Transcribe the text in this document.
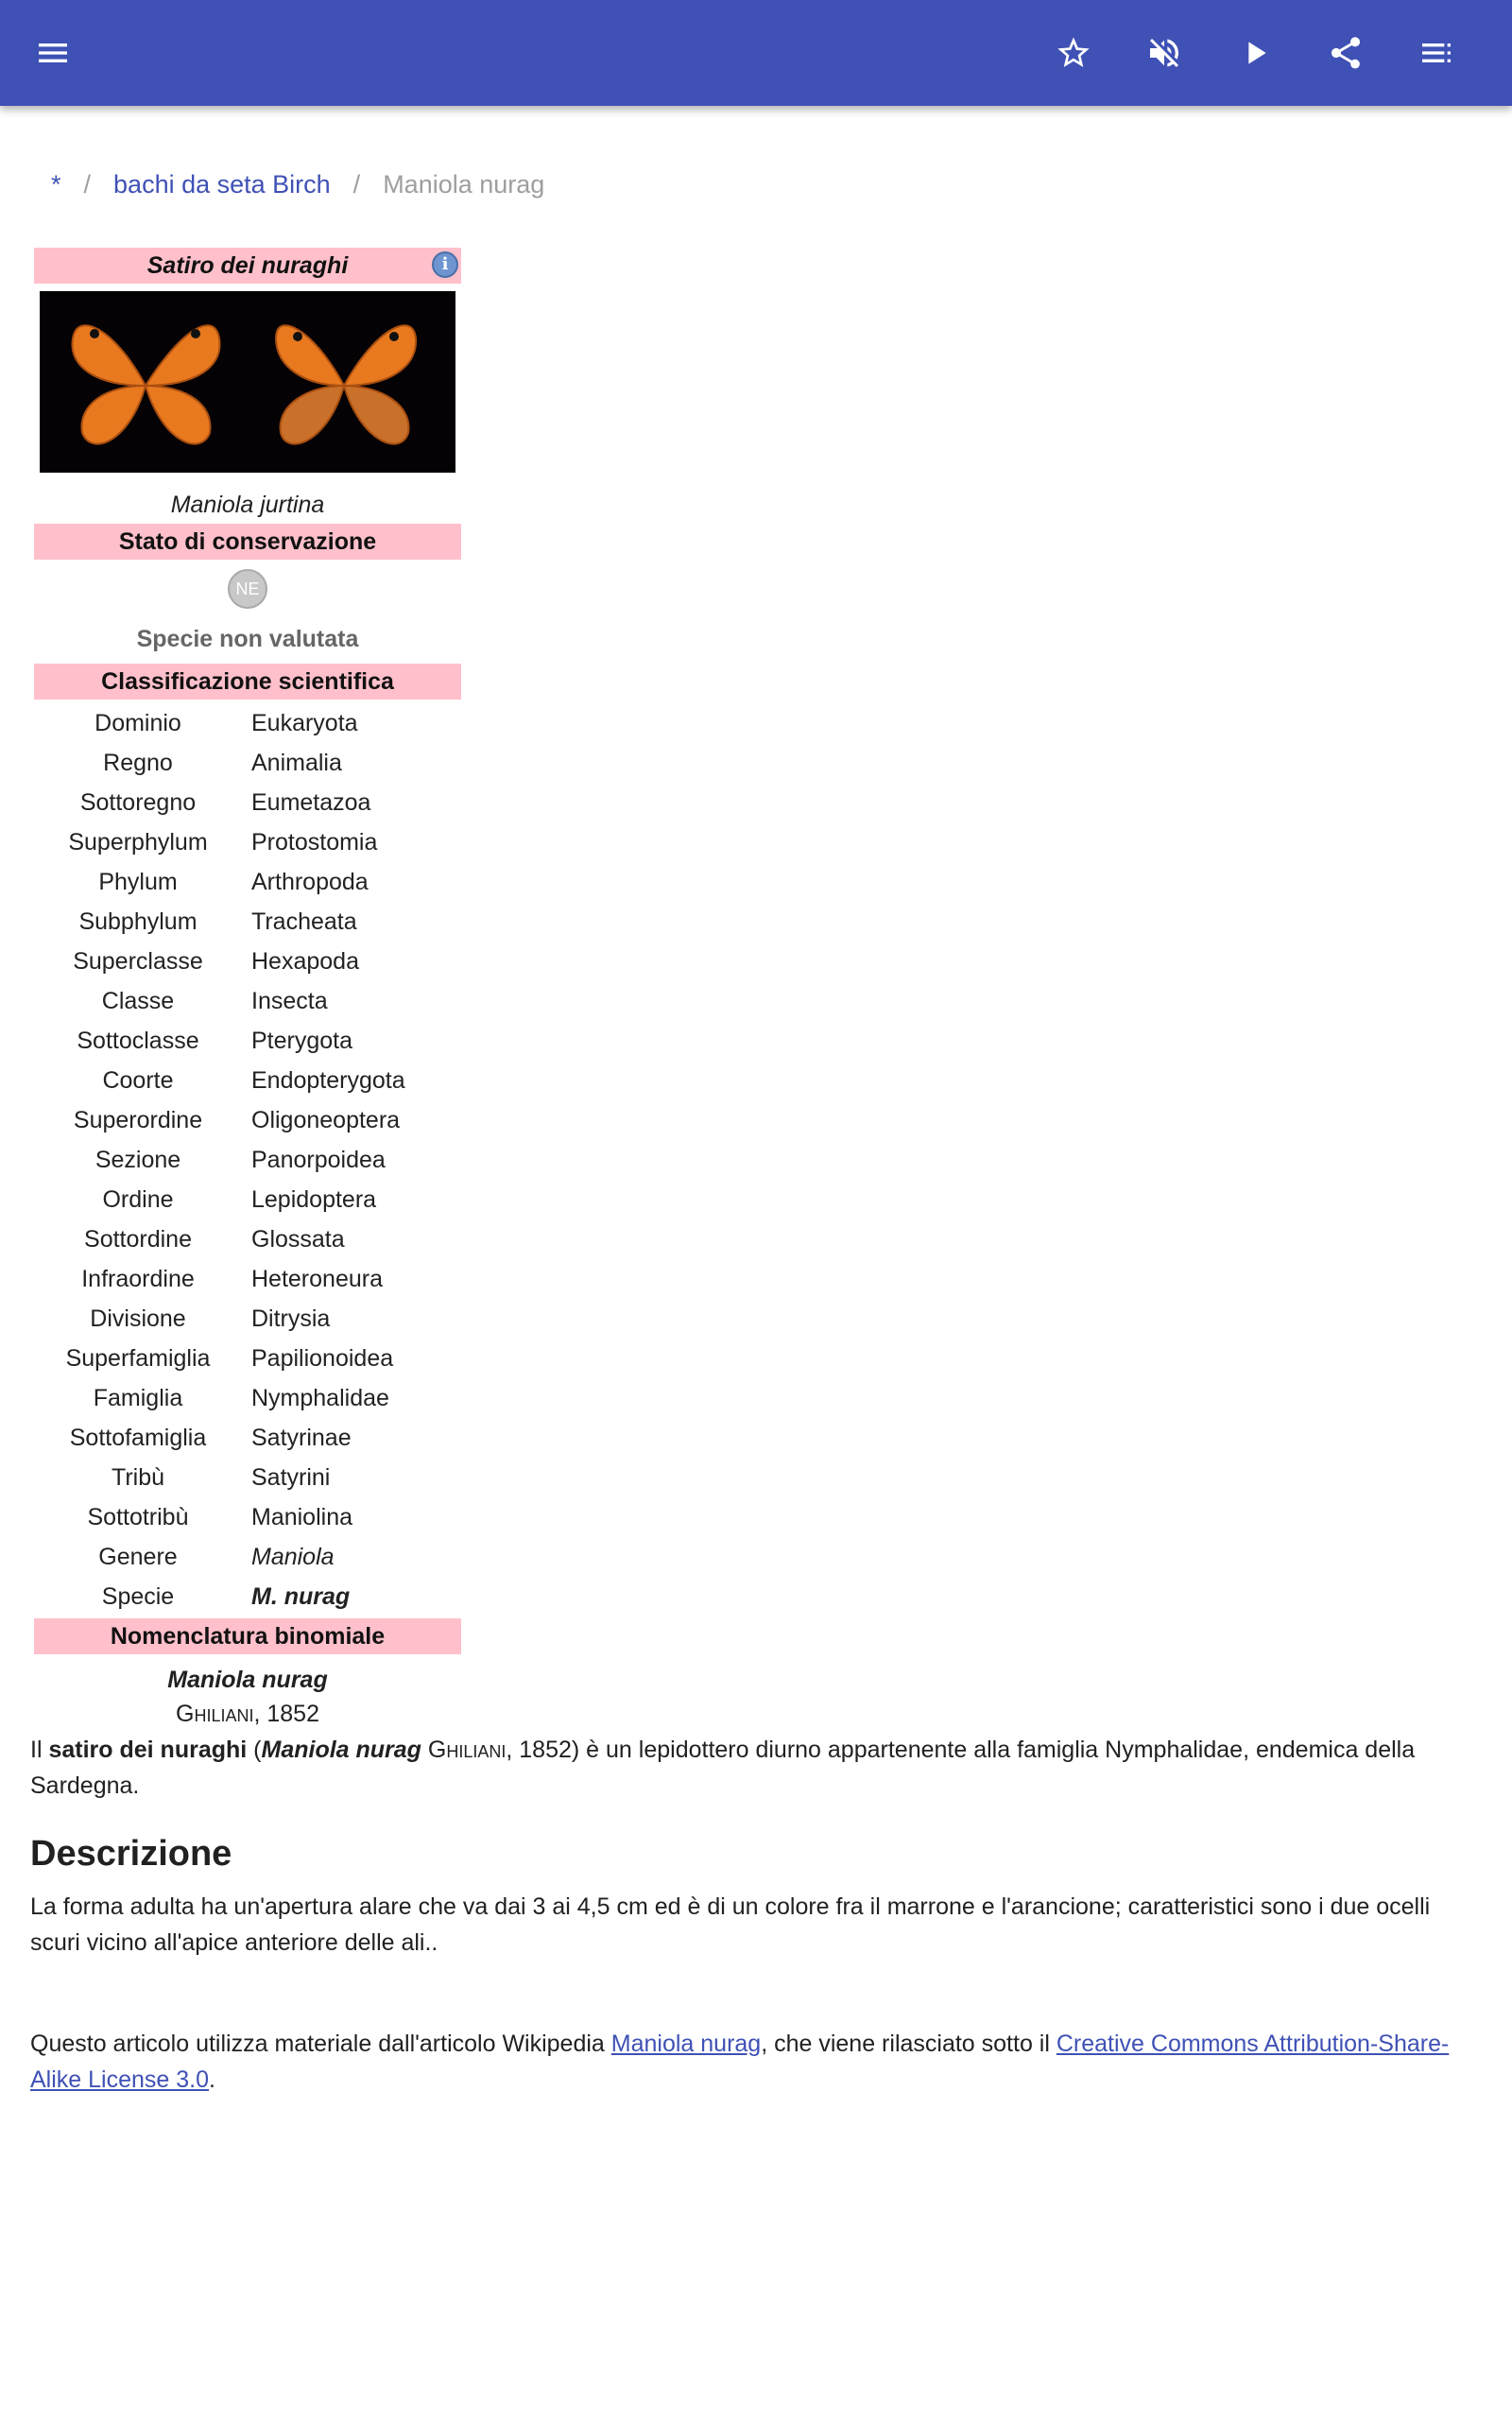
* / bachi da seta Birch / Maniola nurag
Satiro dei nuraghi	i
Maniola jurtina
Stato di conservazione
NE
Specie non valutata
Classificazione scientifica
Dominio	Eukaryota
Regno	Animalia
Sottoregno	Eumetazoa
Superphylum	Protostomia
Phylum	Arthropoda
Subphylum	Tracheata
Superclasse	Hexapoda
Classe	Insecta
Sottoclasse	Pterygota
Coorte	Endopterygota
Superordine	Oligoneoptera
Sezione	Panorpoidea
Ordine	Lepidoptera
Sottordine	Glossata
Infraordine	Heteroneura
Divisione	Ditrysia
Superfamiglia	Papilionoidea
Famiglia	Nymphalidae
Sottofamiglia	Satyrinae
Tribù	Satyrini
Sottotribù	Maniolina
Genere	Maniola
Specie	M. nurag
Nomenclatura binomiale
Maniola nurag
Ghiliani, 1852
Il satiro dei nuraghi (Maniola nurag Ghiliani, 1852) è un lepidottero diurno appartenente alla famiglia Nymphalidae, endemica della Sardegna.
Descrizione
La forma adulta ha un'apertura alare che va dai 3 ai 4,5 cm ed è di un colore fra il marrone e l'arancione; caratteristici sono i due ocelli scuri vicino all'apice anteriore delle ali..
Questo articolo utilizza materiale dall'articolo Wikipedia Maniola nurag, che viene rilasciato sotto il Creative Commons Attribution-Share-Alike License 3.0.
